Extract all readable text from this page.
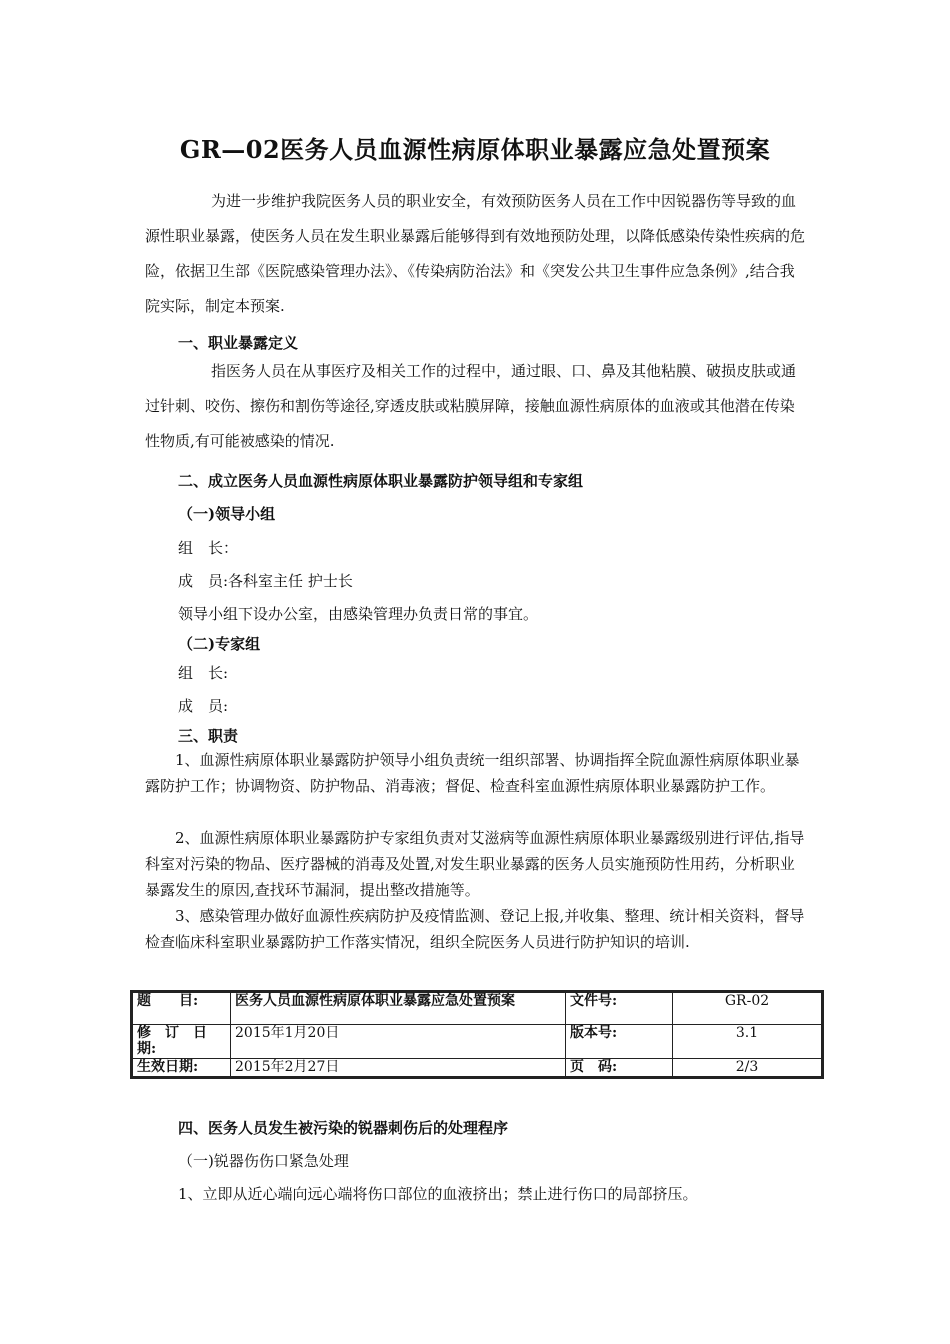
GR—02医务人员血源性病原体职业暴露应急处置预案
为进一步维护我院医务人员的职业安全，有效预防医务人员在工作中因锐器伤等导致的血源性职业暴露，使医务人员在发生职业暴露后能够得到有效地预防处理，以降低感染传染性疾病的危险，依据卫生部《医院感染管理办法》、《传染病防治法》和《突发公共卫生事件应急条例》,结合我院实际，制定本预案.
一、职业暴露定义
指医务人员在从事医疗及相关工作的过程中，通过眼、口、鼻及其他粘膜、破损皮肤或通过针刺、咬伤、擦伤和割伤等途径,穿透皮肤或粘膜屏障，接触血源性病原体的血液或其他潜在传染性物质,有可能被感染的情况.
二、成立医务人员血源性病原体职业暴露防护领导组和专家组
（一)领导小组
组　长：
成　员:各科室主任 护士长
领导小组下设办公室，由感染管理办负责日常的事宜。
（二)专家组
组　长:
成　员:
三、职责
1、血源性病原体职业暴露防护领导小组负责统一组织部署、协调指挥全院血源性病原体职业暴露防护工作；协调物资、防护物品、消毒液；督促、检查科室血源性病原体职业暴露防护工作。
2、血源性病原体职业暴露防护专家组负责对艾滋病等血源性病原体职业暴露级别进行评估,指导科室对污染的物品、医疗器械的消毒及处置,对发生职业暴露的医务人员实施预防性用药，分析职业暴露发生的原因,查找环节漏洞，提出整改措施等。
3、感染管理办做好血源性疾病防护及疫情监测、登记上报,并收集、整理、统计相关资料，督导检查临床科室职业暴露防护工作落实情况，组织全院医务人员进行防护知识的培训.
题　　目:	医务人员血源性病原体职业暴露应急处置预案	文件号:	GR-02
修　订　日期:	2015年1月20日	版本号:	3.1
生效日期:	2015年2月27日	页　码:	2/3
四、医务人员发生被污染的锐器刺伤后的处理程序
（一)锐器伤伤口紧急处理
1、立即从近心端向远心端将伤口部位的血液挤出；禁止进行伤口的局部挤压。
